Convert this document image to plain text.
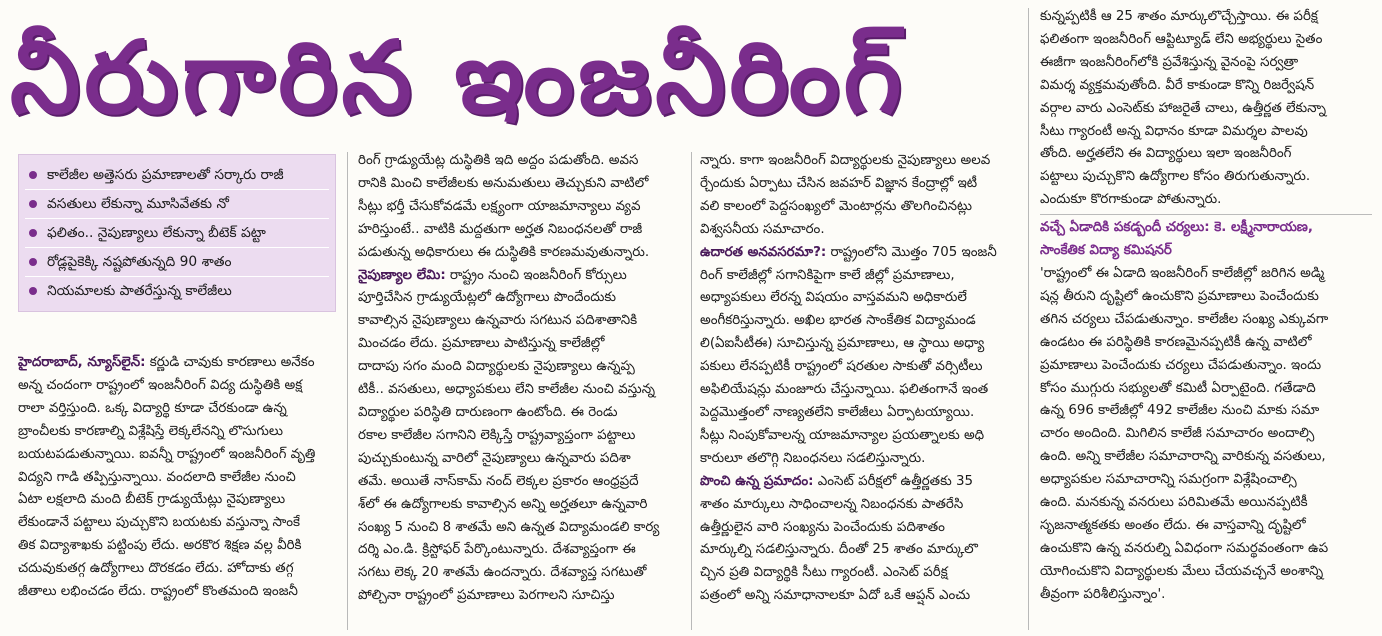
నీరుగారిన ఇంజనీరింగ్
కాలేజీల అత్తెసరు ప్రమాణాలతో సర్కారు రాజీ
వసతులు లేకున్నా మూసివేతకు నో
ఫలితం.. నైపుణ్యాలు లేకున్నా బీటెక్ పట్టా
రోడ్లపైకెక్కి నష్టపోతున్నది 90 శాతం
నియమాలకు పాతరేస్తున్న కాలేజీలు
హైదరాబాద్, న్యూస్‌లైన్: కర్ణుడి చావుకు కారణాలు అనేకం
అన్న చందంగా రాష్ట్రంలో ఇంజనీరింగ్ విద్య దుస్థితికి అక్ష
రాలా వర్తిస్తుంది. ఒక్క విద్యార్థి కూడా చేరకుండా ఉన్న
బ్రాంచీలకు కారణాల్ని విశ్లేషిస్తే లెక్కలేనన్ని లొసుగులు
బయటపడుతున్నాయి. ఐవన్నీ రాష్ట్రంలో ఇంజనీరింగ్ వృత్తి
విద్యని గాడి తప్పిస్తున్నాయి. వందలాది కాలేజీల నుంచి
ఏటా లక్షలాది మంది బీటెక్ గ్రాడ్యుయేట్లు నైపుణ్యాలు
లేకుండానే పట్టాలు పుచ్చుకొని బయటకు వస్తున్నా సాంకే
తిక విద్యాశాఖకు పట్టింపు లేదు. అరకొర శిక్షణ వల్ల వీరికి
చదువుకుతగ్గ ఉద్యోగాలు దొరకడం లేదు. హోదాకు తగ్గ
జీతాలు లభించడం లేదు. రాష్ట్రంలో కొంతమంది ఇంజనీ
రింగ్ గ్రాడ్యుయేట్ల దుస్థితికి ఇది అద్దం పడుతోంది. అవస
రానికి మించి కాలేజీలకు అనుమతులు తెచ్చుకుని వాటిలో
సీట్లు భర్తీ చేసుకోవడమే లక్ష్యంగా యాజమాన్యాలు వ్యవ
హరిస్తుంటే.. వాటికి మద్దతుగా అర్హత నిబంధనలతో రాజీ
పడుతున్న అధికారులు ఈ దుస్థితికి కారణమవుతున్నారు.
నైపుణ్యాల లేమి: రాష్ట్రం నుంచి ఇంజనీరింగ్ కోర్సులు
పూర్తిచేసిన గ్రాడ్యుయేట్లలో ఉద్యోగాలు పొందేందుకు
కావాల్సిన నైపుణ్యాలు ఉన్నవారు సగటున పదిశాతానికి
మించడం లేదు. ప్రమాణాలు పాటిస్తున్న కాలేజీల్లో
దాదాపు సగం మంది విద్యార్థులకు నైపుణ్యాలు ఉన్నప్ప
టికీ.. వసతులు, అధ్యాపకులు లేని కాలేజీల నుంచి వస్తున్న
విద్యార్థుల పరిస్థితి దారుణంగా ఉంటోంది. ఈ రెండు
రకాల కాలేజీల సగానిని లెక్కిస్తే రాష్ట్రవ్యాప్తంగా పట్టాలు
పుచ్చుకుంటున్న వారిలో నైపుణ్యాలు ఉన్నవారు పదిశా
తమే. అయితే నాస్‌కామ్ నంద్ లెక్కల ప్రకారం ఆంధ్రప్రదే
శ్‌లో ఈ ఉద్యోగాలకు కావాల్సిన అన్ని అర్హతలూ ఉన్నవారి
సంఖ్య 5 నుంచి 8 శాతమే అని ఉన్నత విద్యామండలి కార్య
దర్శి ఎం.డి. క్రిస్టోఫర్ పేర్కొంటున్నారు. దేశవ్యాప్తంగా ఈ
సగటు లెక్క 20 శాతమే ఉందన్నారు. దేశవ్యాప్త సగటుతో
పోల్చినా రాష్ట్రంలో ప్రమాణాలు పెరగాలని సూచిస్తు
న్నారు. కాగా ఇంజనీరింగ్ విద్యార్థులకు నైపుణ్యాలు అలవ
ర్చేందుకు ఏర్పాటు చేసిన జవహర్ విజ్ఞాన కేంద్రాల్లో ఇటీ
వలి కాలంలో పెద్దసంఖ్యలో మెంటార్లను తొలగించినట్లు
విశ్వసనీయ సమాచారం.
ఉదారత అనవసరమా?: రాష్ట్రంలోని మొత్తం 705 ఇంజనీ
రింగ్ కాలేజీల్లో సగానికిపైగా కాలే జీల్లో ప్రమాణాలు,
అధ్యాపకులు లేరన్న విషయం వాస్తవమని అధికారులే
అంగీకరిస్తున్నారు. అఖిల భారత సాంకేతిక విద్యామండ
లి(ఏఐసీటీఈ) సూచిస్తున్న ప్రమాణాలు, ఆ స్థాయి అధ్యా
పకులు లేనప్పటికీ రాష్ట్రంలో షరతుల సాకుతో వర్సిటీలు
అఫిలియేషన్లు మంజూరు చేస్తున్నాయి. ఫలితంగానే ఇంత
పెద్దమొత్తంలో నాణ్యతలేని కాలేజీలు ఏర్పాటయ్యాయి.
సీట్లు నింపుకోవాలన్న యాజమాన్యాల ప్రయత్నాలకు అధి
కారులూ తలొగ్గి నిబంధనలు సడలిస్తున్నారు.
పొంచి ఉన్న ప్రమాదం: ఎంసెట్ పరీక్షలో ఉత్తీర్ణతకు 35
శాతం మార్కులు సాధించాలన్న నిబంధనకు పాతరేసి
ఉత్తీర్ణులైన వారి సంఖ్యను పెంచేందుకు పదిశాతం
మార్కుల్ని సడలిస్తున్నారు. దీంతో 25 శాతం మార్కులొ
చ్చిన ప్రతి విద్యార్థికి సీటు గ్యారంటీ. ఎంసెట్ పరీక్ష
పత్రంలో అన్ని సమాధానాలకూ ఏదో ఒకే ఆప్షన్ ఎంచు
కున్నప్పటికీ ఆ 25 శాతం మార్కులొచ్చేస్తాయి. ఈ పరీక్ష
ఫలితంగా ఇంజనీరింగ్ ఆప్టిట్యూడ్ లేని అభ్యర్థులు సైతం
ఈజీగా ఇంజనీరింగ్‌లోకి ప్రవేశిస్తున్న వైనంపై సర్వత్రా
విమర్శ వ్యక్తమవుతోంది. వీరే కాకుండా కొన్ని రిజర్వేషన్
వర్గాల వారు ఎంసెట్‌కు హాజరైతే చాలు, ఉత్తీర్ణత లేకున్నా
సీటు గ్యారంటీ అన్న విధానం కూడా విమర్శల పాలవు
తోంది. అర్హతలేని ఈ విద్యార్థులు ఇలా ఇంజనీరింగ్
పట్టాలు పుచ్చుకొని ఉద్యోగాల కోసం తిరుగుతున్నారు.
ఎందుకూ కొరగాకుండా పోతున్నారు.
వచ్చే ఏడాదికి పకడ్బందీ చర్యలు: కె. లక్ష్మీనారాయణ,
సాంకేతిక విద్యా కమిషనర్
'రాష్ట్రంలో ఈ ఏడాది ఇంజనీరింగ్ కాలేజీల్లో జరిగిన అడ్మి
షన్ల తీరుని దృష్టిలో ఉంచుకొని ప్రమాణాలు పెంచేందుకు
తగిన చర్యలు చేపడుతున్నాం. కాలేజీల సంఖ్య ఎక్కువగా
ఉండటం ఈ పరిస్థితికి కారణమైనప్పటికీ ఉన్న వాటిలో
ప్రమాణాలు పెంచేందుకు చర్యలు చేపడుతున్నాం. ఇందు
కోసం ముగ్గురు సభ్యులతో కమిటీ ఏర్పాటైంది. గతేడాది
ఉన్న 696 కాలేజీల్లో 492 కాలేజీల నుంచి మాకు సమా
చారం అందింది. మిగిలిన కాలేజీ సమాచారం అందాల్సి
ఉంది. అన్ని కాలేజీల సమాచారాన్ని వారికున్న వసతులు,
అధ్యాపకుల సమాచారాన్ని సమగ్రంగా విశ్లేషించాల్సి
ఉంది. మనకున్న వనరులు పరిమితమే అయినప్పటికీ
సృజనాత్మకతకు అంతం లేదు. ఈ వాస్తవాన్ని దృష్టిలో
ఉంచుకొని ఉన్న వనరుల్ని ఏవిధంగా సమర్థవంతంగా ఉప
యోగించుకొని విద్యార్థులకు మేలు చేయవచ్చనే అంశాన్ని
తీవ్రంగా పరిశీలిస్తున్నాం'.
